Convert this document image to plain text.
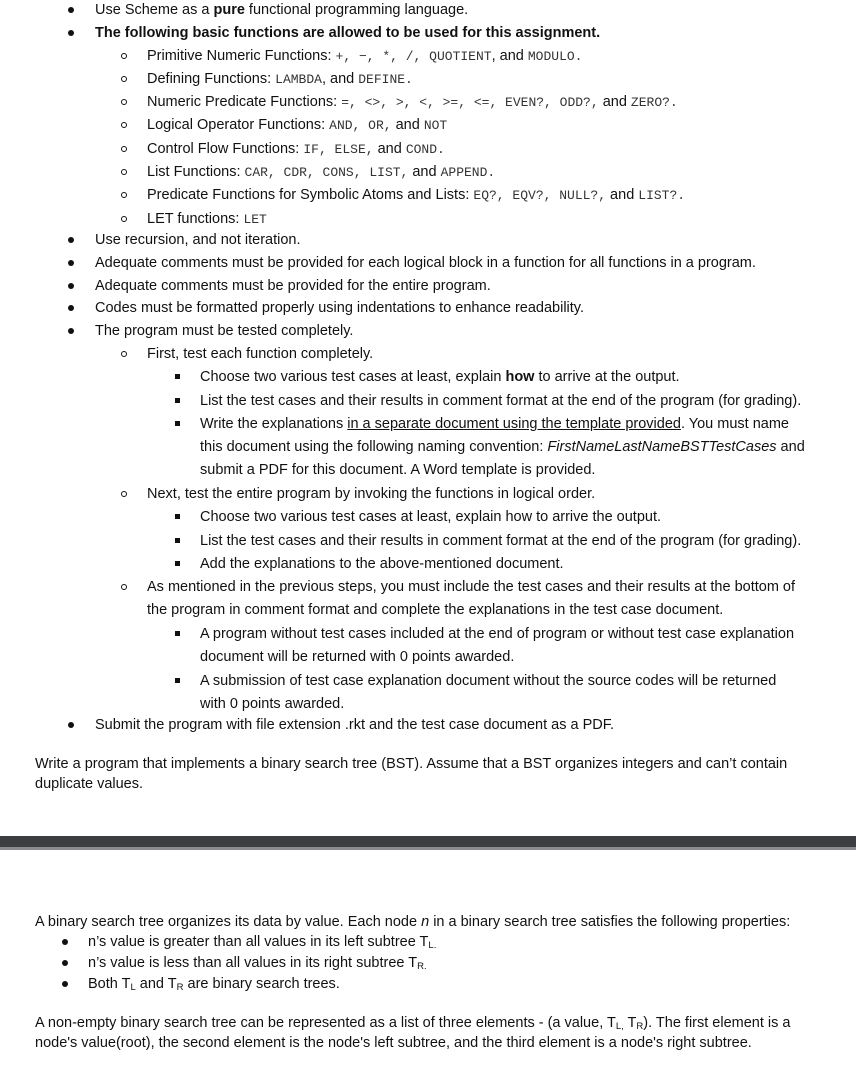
Use Scheme as a pure functional programming language.
The following basic functions are allowed to be used for this assignment.
Primitive Numeric Functions: +, −, *, /, QUOTIENT, and MODULO.
Defining Functions: LAMBDA, and DEFINE.
Numeric Predicate Functions: =, <>, >, <, >=, <=, EVEN?, ODD?, and ZERO?.
Logical Operator Functions: AND, OR, and NOT
Control Flow Functions: IF, ELSE, and COND.
List Functions: CAR, CDR, CONS, LIST, and APPEND.
Predicate Functions for Symbolic Atoms and Lists: EQ?, EQV?, NULL?, and LIST?.
LET functions: LET
Use recursion, and not iteration.
Adequate comments must be provided for each logical block in a function for all functions in a program.
Adequate comments must be provided for the entire program.
Codes must be formatted properly using indentations to enhance readability.
The program must be tested completely.
First, test each function completely.
Choose two various test cases at least, explain how to arrive at the output.
List the test cases and their results in comment format at the end of the program (for grading).
Write the explanations in a separate document using the template provided. You must name
this document using the following naming convention: FirstNameLastNameBSTTestCases and
submit a PDF for this document. A Word template is provided.
Next, test the entire program by invoking the functions in logical order.
Choose two various test cases at least, explain how to arrive the output.
List the test cases and their results in comment format at the end of the program (for grading).
Add the explanations to the above-mentioned document.
As mentioned in the previous steps, you must include the test cases and their results at the bottom of
the program in comment format and complete the explanations in the test case document.
A program without test cases included at the end of program or without test case explanation
document will be returned with 0 points awarded.
A submission of test case explanation document without the source codes will be returned
with 0 points awarded.
Submit the program with file extension .rkt and the test case document as a PDF.
Write a program that implements a binary search tree (BST). Assume that a BST organizes integers and can’t contain
duplicate values.
A binary search tree organizes its data by value. Each node n in a binary search tree satisfies the following properties:
n’s value is greater than all values in its left subtree $T_{L.}$
n’s value is less than all values in its right subtree $T_{R.}$
Both $T_L$ and $T_R$ are binary search trees.
A non-empty binary search tree can be represented as a list of three elements - (a value, $T_{L,}$ $T_R$). The first element is a
node's value(root), the second element is the node's left subtree, and the third element is a node's right subtree.
